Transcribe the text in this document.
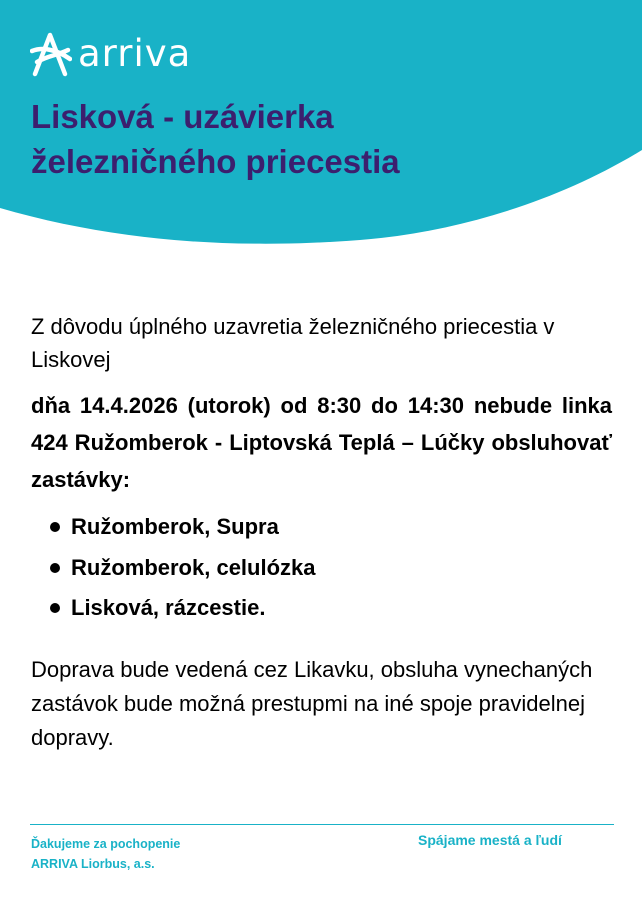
arriva
Lisková - uzávierka
železničného priecestia

Z dôvodu úplného uzavretia železničného priecestia v Liskovej

dňa 14.4.2026 (utorok) od 8:30 do 14:30 nebude linka 424 Ružomberok - Liptovská Teplá – Lúčky obsluhovať zastávky:

Ružomberok, Supra
Ružomberok, celulózka
Lisková, rázcestie.

Doprava bude vedená cez Likavku, obsluha vynechaných zastávok bude možná prestupmi na iné spoje pravidelnej dopravy.

Ďakujeme za pochopenie
ARRIVA Liorbus, a.s.
Spájame mestá a ľudí
